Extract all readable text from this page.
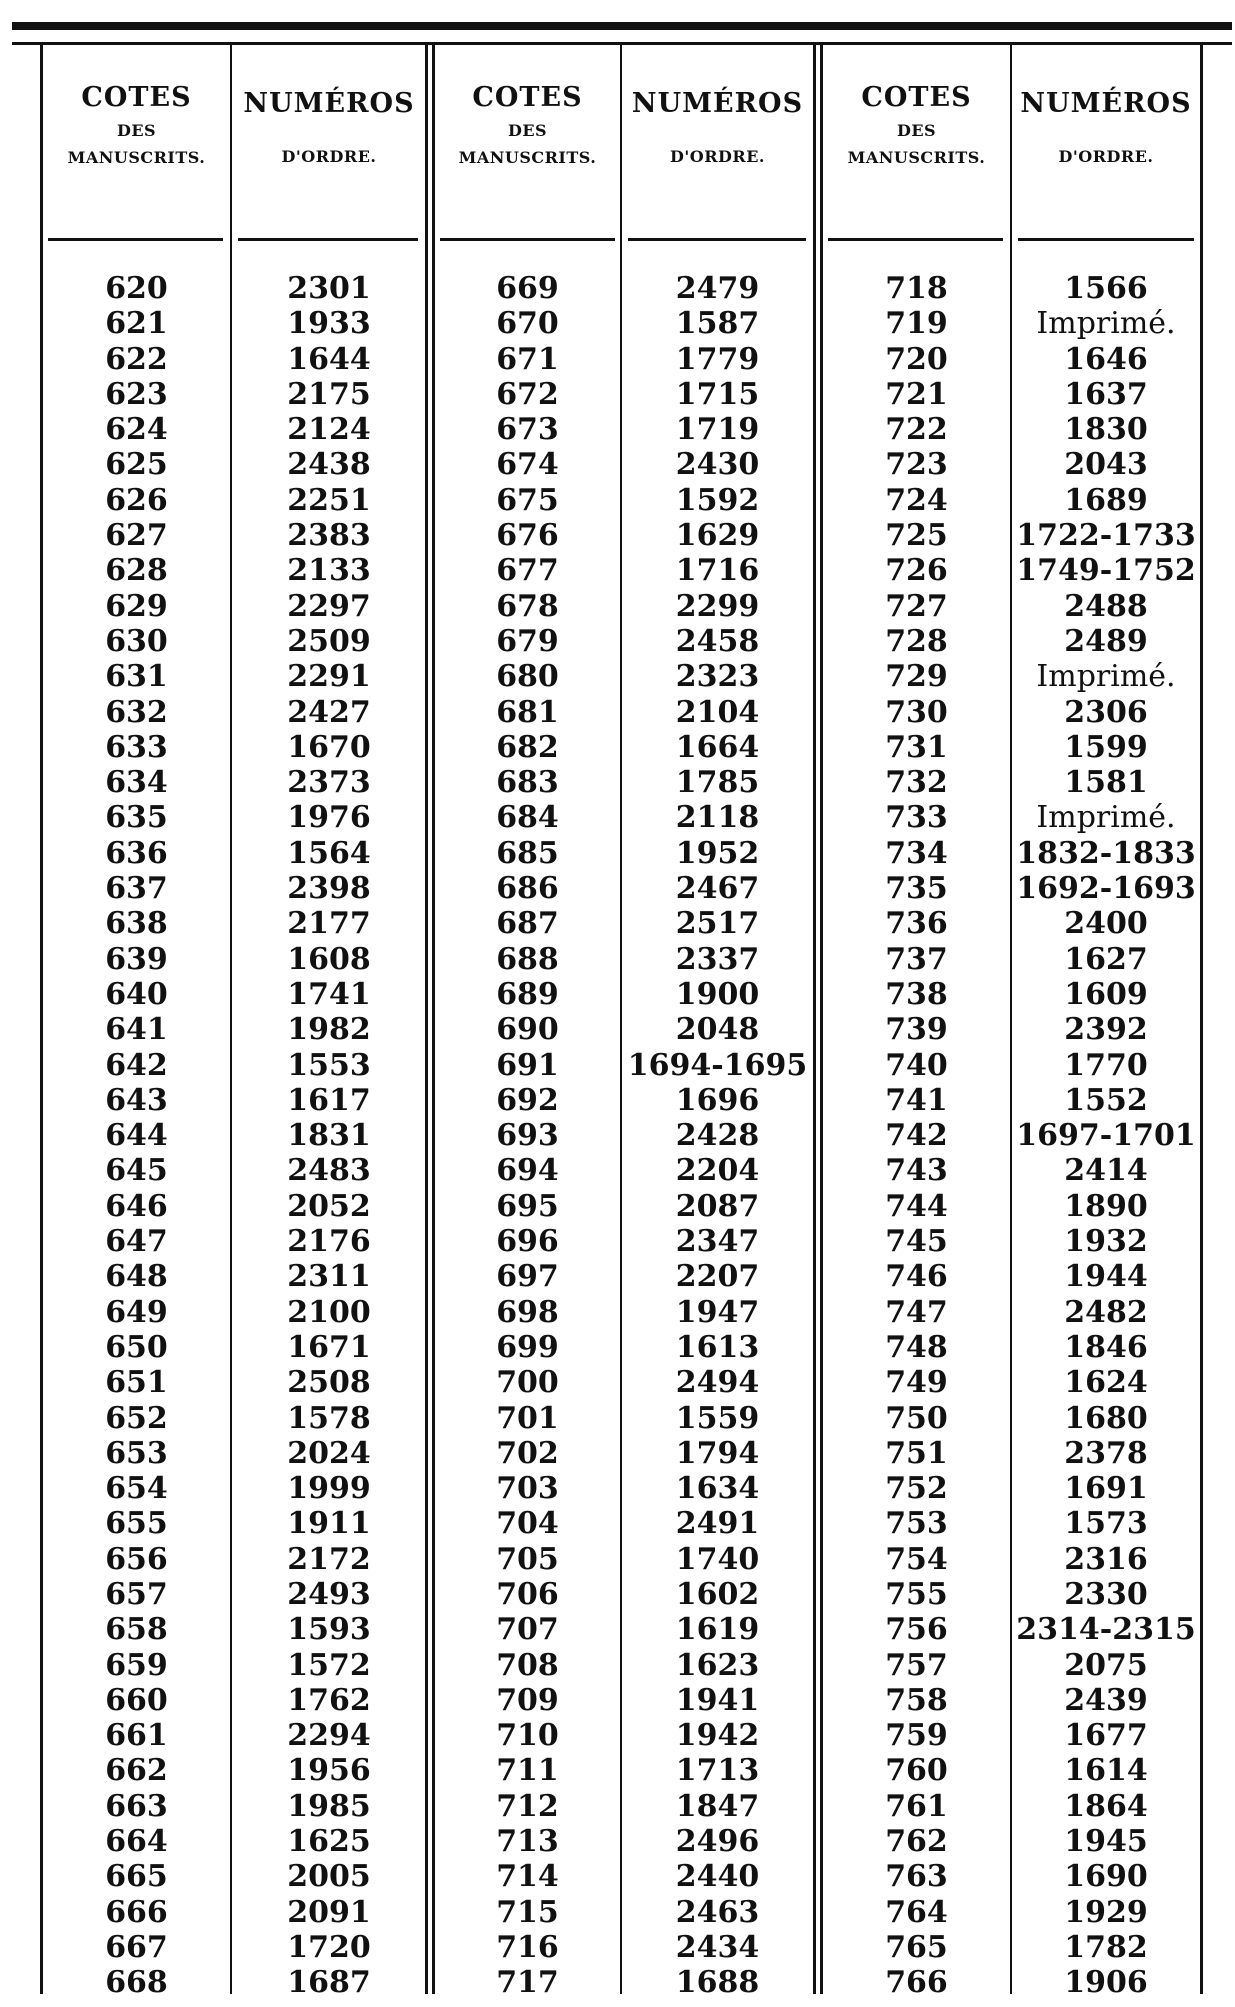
COTES
DES
MANUSCRITS.
NUMÉROS
D'ORDRE.
COTES
DES
MANUSCRITS.
NUMÉROS
D'ORDRE.
COTES
DES
MANUSCRITS.
NUMÉROS
D'ORDRE.
620
621
622
623
624
625
626
627
628
629
630
631
632
633
634
635
636
637
638
639
640
641
642
643
644
645
646
647
648
649
650
651
652
653
654
655
656
657
658
659
660
661
662
663
664
665
666
667
668
2301
1933
1644
2175
2124
2438
2251
2383
2133
2297
2509
2291
2427
1670
2373
1976
1564
2398
2177
1608
1741
1982
1553
1617
1831
2483
2052
2176
2311
2100
1671
2508
1578
2024
1999
1911
2172
2493
1593
1572
1762
2294
1956
1985
1625
2005
2091
1720
1687
669
670
671
672
673
674
675
676
677
678
679
680
681
682
683
684
685
686
687
688
689
690
691
692
693
694
695
696
697
698
699
700
701
702
703
704
705
706
707
708
709
710
711
712
713
714
715
716
717
2479
1587
1779
1715
1719
2430
1592
1629
1716
2299
2458
2323
2104
1664
1785
2118
1952
2467
2517
2337
1900
2048
1694-1695
1696
2428
2204
2087
2347
2207
1947
1613
2494
1559
1794
1634
2491
1740
1602
1619
1623
1941
1942
1713
1847
2496
2440
2463
2434
1688
718
719
720
721
722
723
724
725
726
727
728
729
730
731
732
733
734
735
736
737
738
739
740
741
742
743
744
745
746
747
748
749
750
751
752
753
754
755
756
757
758
759
760
761
762
763
764
765
766
1566
Imprimé.
1646
1637
1830
2043
1689
1722-1733
1749-1752
2488
2489
Imprimé.
2306
1599
1581
Imprimé.
1832-1833
1692-1693
2400
1627
1609
2392
1770
1552
1697-1701
2414
1890
1932
1944
2482
1846
1624
1680
2378
1691
1573
2316
2330
2314-2315
2075
2439
1677
1614
1864
1945
1690
1929
1782
1906
